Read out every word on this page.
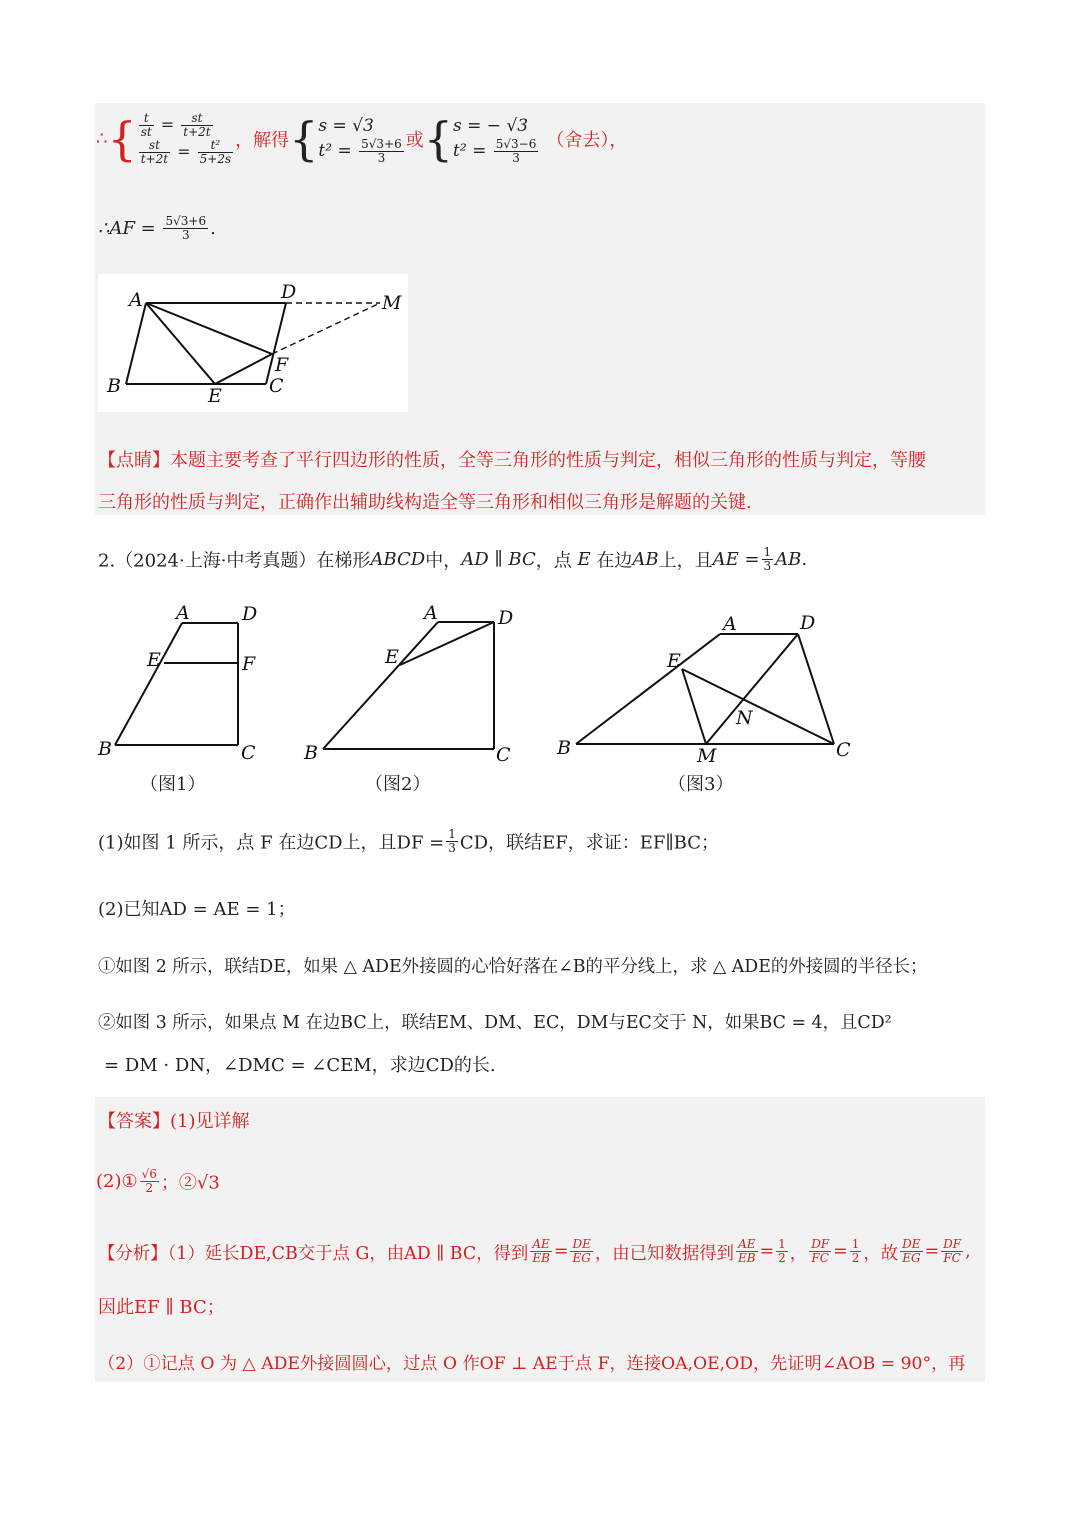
∴{ $\frac{t}{st} = \frac{st}{t+2t}$
$\frac{st}{t+2t} = \frac{\text{t²}}{5+2s}$ ，解得{ s = √3
$t^2 = \frac{5√3+6}{3}$ 或{ s = − √3
$t^2 = \frac{5√3-6}{3}$ （舍去），
∴AF = $\frac{5√3+6}{3}$ .
A	D	M
F
B	E C
【点睛】本题主要考查了平行四边形的性质，全等三角形的性质与判定，相似三角形的性质与判定，等腰
三角形的性质与判定，正确作出辅助线构造全等三角形和相似三角形是解题的关键.
2.（2024·上海·中考真题）在梯形ABCD中，AD ∥ BC，点 E 在边AB上，且AE = $\frac{1}{3}$ AB.
A	D
E	F
B	C
A	D
E
B	C
A	D
E
N
B	M	C
（图1）	（图2）	（图3）
(1)如图 1 所示，点 F 在边CD上，且DF = $\frac{1}{3}$ CD，联结EF，求证：EF∥BC；
(2)已知AD = AE = 1；
①如图 2 所示，联结DE，如果 △ ADE外接圆的心恰好落在∠B的平分线上，求 △ ADE的外接圆的半径长；
②如图 3 所示，如果点 M 在边BC上，联结EM、DM、EC，DM与EC交于 N，如果BC = 4，且CD²
= DM · DN，∠DMC = ∠CEM，求边CD的长.
【答案】(1)见详解
(2)① $\frac{√6}{2}$ ；②√3
【分析】（1）延长DE,CB交于点 G，由AD ∥ BC，得到 $\frac{AE}{EB} = \frac{DE}{EG}$ ，由已知数据得到 $\frac{AE}{EB} = \frac{1}{2}$ ， $\frac{DF}{FC} = \frac{1}{2}$ ，故 $\frac{DE}{EG} = \frac{DF}{FC}$ ,
因此EF ∥ BC；
（2）①记点 O 为 △ ADE外接圆圆心，过点 O 作OF ⊥ AE于点 F，连接OA,OE,OD，先证明∠AOB = 90°，再
